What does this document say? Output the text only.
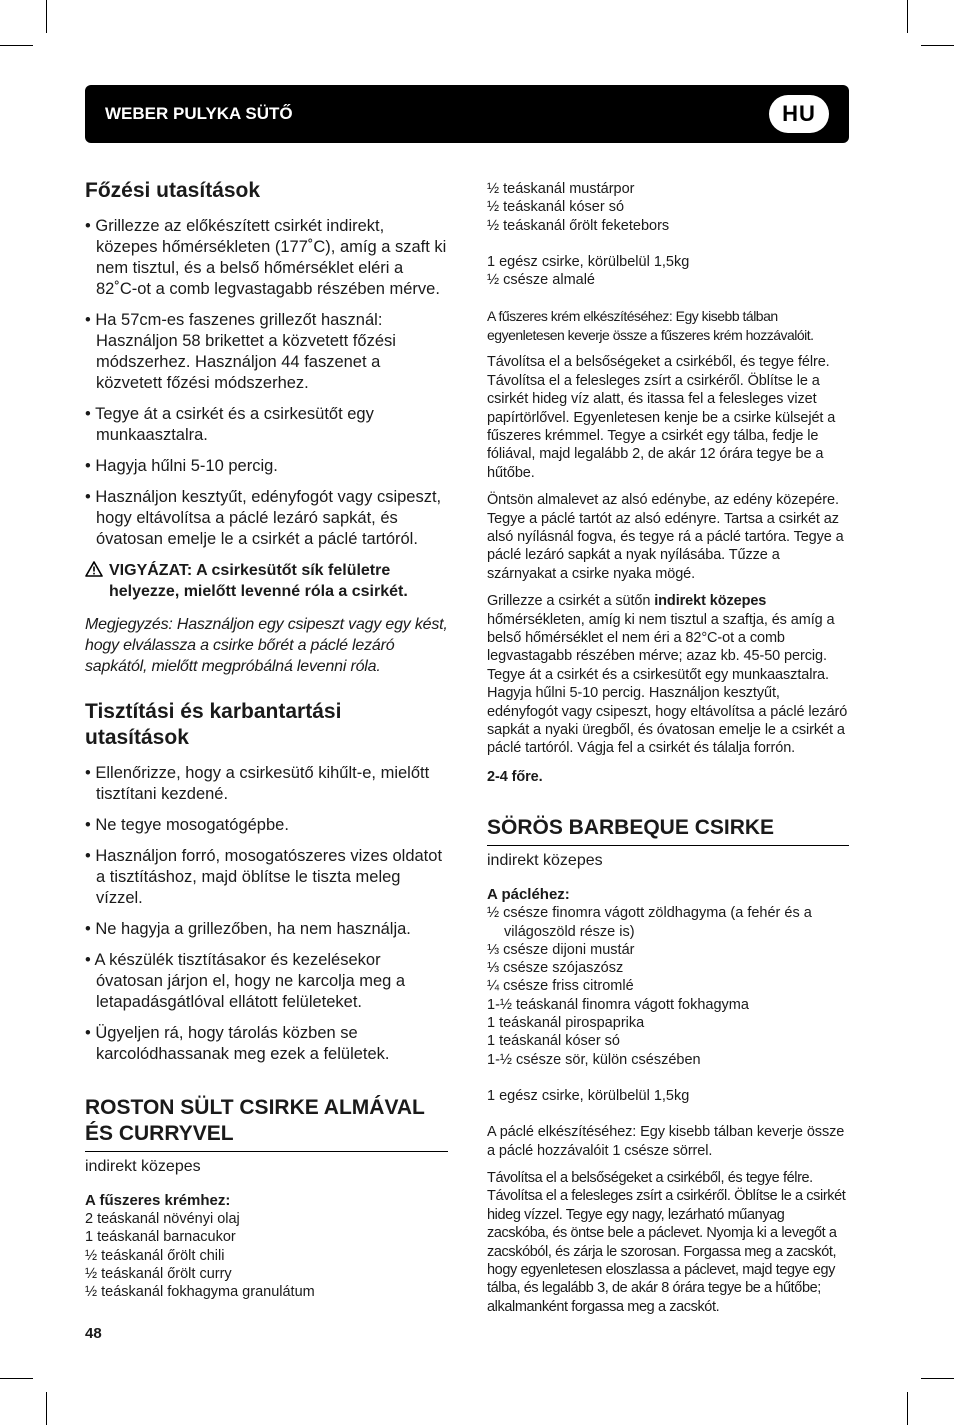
WEBER PULYKA SÜTŐ	HU
Főzési utasítások
• Grillezze az előkészített csirkét indirekt, közepes hőmérsékleten (177˚C), amíg a szaft ki nem tisztul, és a belső hőmérséklet eléri a 82˚C-ot a comb legvastagabb részében mérve.
• Ha 57cm-es faszenes grillezőt használ: Használjon 58 brikettet a közvetett főzési módszerhez. Használjon 44 faszenet a közvetett főzési módszerhez.
• Tegye át a csirkét és a csirkesütőt egy munkaasztalra.
• Hagyja hűlni 5-10 percig.
• Használjon kesztyűt, edényfogót vagy csipeszt, hogy eltávolítsa a páclé lezáró sapkát, és óvatosan emelje le a csirkét a páclé tartóról.
VIGYÁZAT: A csirkesütőt sík felületre helyezze, mielőtt levenné róla a csirkét.

Megjegyzés: Használjon egy csipeszt vagy egy kést, hogy elválassza a csirke bőrét a páclé lezáró sapkától, mielőtt megpróbálná levenni róla.

Tisztítási és karbantartási utasítások
• Ellenőrizze, hogy a csirkesütő kihűlt-e, mielőtt tisztítani kezdené.
• Ne tegye mosogatógépbe.
• Használjon forró, mosogatószeres vizes oldatot a tisztításhoz, majd öblítse le tiszta meleg vízzel.
• Ne hagyja a grillezőben, ha nem használja.
• A készülék tisztításakor és kezelésekor óvatosan járjon el, hogy ne karcolja meg a letapadásgátlóval ellátott felületeket.
• Ügyeljen rá, hogy tárolás közben se karcolódhassanak meg ezek a felületek.
ROSTON SÜLT CSIRKE ALMÁVAL ÉS CURRYVEL

indirekt közepes

A fűszeres krémhez:

2 teáskanál növényi olaj
1 teáskanál barnacukor
½ teáskanál őrölt chili
½ teáskanál őrölt curry
½ teáskanál fokhagyma granulátum

½ teáskanál mustárpor
½ teáskanál kóser só
½ teáskanál őrölt feketebors

1 egész csirke, körülbelül 1,5kg
½ csésze almalé

A fűszeres krém elkészítéséhez: Egy kisebb tálban egyenletesen keverje össze a fűszeres krém hozzávalóit.

Távolítsa el a belsőségeket a csirkéből, és tegye félre. Távolítsa el a felesleges zsírt a csirkéről. Öblítse le a csirkét hideg víz alatt, és itassa fel a felesleges vizet papírtörlővel. Egyenletesen kenje be a csirke külsejét a fűszeres krémmel. Tegye a csirkét egy tálba, fedje le fóliával, majd legalább 2, de akár 12 órára tegye be a hűtőbe.

Öntsön almalevet az alsó edénybe, az edény közepére. Tegye a páclé tartót az alsó edényre. Tartsa a csirkét az alsó nyílásnál fogva, és tegye rá a páclé tartóra. Tegye a páclé lezáró sapkát a nyak nyílásába. Tűzze a szárnyakat a csirke nyaka mögé.

Grillezze a csirkét a sütőn indirekt közepes hőmérsékleten, amíg ki nem tisztul a szaftja, és amíg a belső hőmérséklet el nem éri a 82°C-ot a comb legvastagabb részében mérve; azaz kb. 45-50 percig. Tegye át a csirkét és a csirkesütőt egy munkaasztalra. Hagyja hűlni 5-10 percig. Használjon kesztyűt, edényfogót vagy csipeszt, hogy eltávolítsa a páclé lezáró sapkát a nyaki üregből, és óvatosan emelje le a csirkét a páclé tartóról. Vágja fel a csirkét és tálalja forrón.

2-4 főre.

SÖRÖS BARBEQUE CSIRKE

indirekt közepes

A pácléhez:

½ csésze finomra vágott zöldhagyma (a fehér és a világoszöld része is)
⅓ csésze dijoni mustár
⅓ csésze szójaszósz
¼ csésze friss citromlé
1-½ teáskanál finomra vágott fokhagyma
1 teáskanál pirospaprika
1 teáskanál kóser só
1-½ csésze sör, külön csészében

1 egész csirke, körülbelül 1,5kg

A páclé elkészítéséhez: Egy kisebb tálban keverje össze a páclé hozzávalóit 1 csésze sörrel.

Távolítsa el a belsőségeket a csirkéből, és tegye félre. Távolítsa el a felesleges zsírt a csirkéről. Öblítse le a csirkét hideg vízzel. Tegye egy nagy, lezárható műanyag zacskóba, és öntse bele a páclevet. Nyomja ki a levegőt a zacskóból, és zárja le szorosan. Forgassa meg a zacskót, hogy egyenletesen eloszlassa a páclevet, majd tegye egy tálba, és legalább 3, de akár 8 órára tegye be a hűtőbe; alkalmanként forgassa meg a zacskót.

48
